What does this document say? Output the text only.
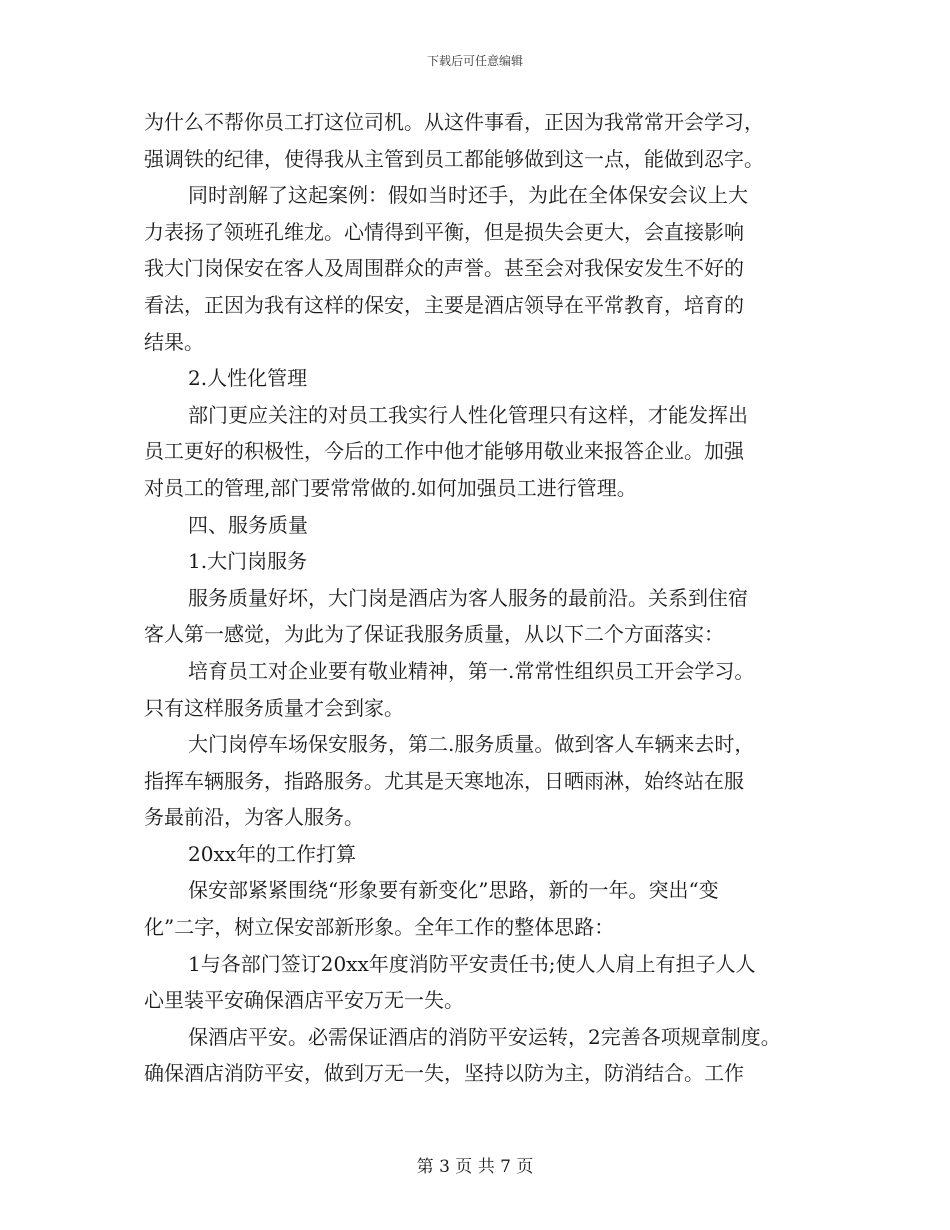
下载后可任意编辑
为什么不帮你员工打这位司机。从这件事看，正因为我常常开会学习，
强调铁的纪律，使得我从主管到员工都能够做到这一点，能做到忍字。
同时剖解了这起案例：假如当时还手，为此在全体保安会议上大
力表扬了领班孔维龙。心情得到平衡，但是损失会更大，会直接影响
我大门岗保安在客人及周围群众的声誉。甚至会对我保安发生不好的
看法，正因为我有这样的保安，主要是酒店领导在平常教育，培育的
结果。
2.人性化管理
部门更应关注的对员工我实行人性化管理只有这样，才能发挥出
员工更好的积极性，今后的工作中他才能够用敬业来报答企业。加强
对员工的管理,部门要常常做的.如何加强员工进行管理。
四、服务质量
1.大门岗服务
服务质量好坏，大门岗是酒店为客人服务的最前沿。关系到住宿
客人第一感觉，为此为了保证我服务质量，从以下二个方面落实：
培育员工对企业要有敬业精神，第一.常常性组织员工开会学习。
只有这样服务质量才会到家。
大门岗停车场保安服务，第二.服务质量。做到客人车辆来去时，
指挥车辆服务，指路服务。尤其是天寒地冻，日晒雨淋，始终站在服
务最前沿，为客人服务。
20xx年的工作打算
保安部紧紧围绕“形象要有新变化”思路，新的一年。突出“变
化”二字，树立保安部新形象。全年工作的整体思路：
1与各部门签订20xx年度消防平安责任书;使人人肩上有担子人人
心里装平安确保酒店平安万无一失。
保酒店平安。必需保证酒店的消防平安运转，2完善各项规章制度。
确保酒店消防平安，做到万无一失，坚持以防为主，防消结合。工作
第 3 页 共 7 页
